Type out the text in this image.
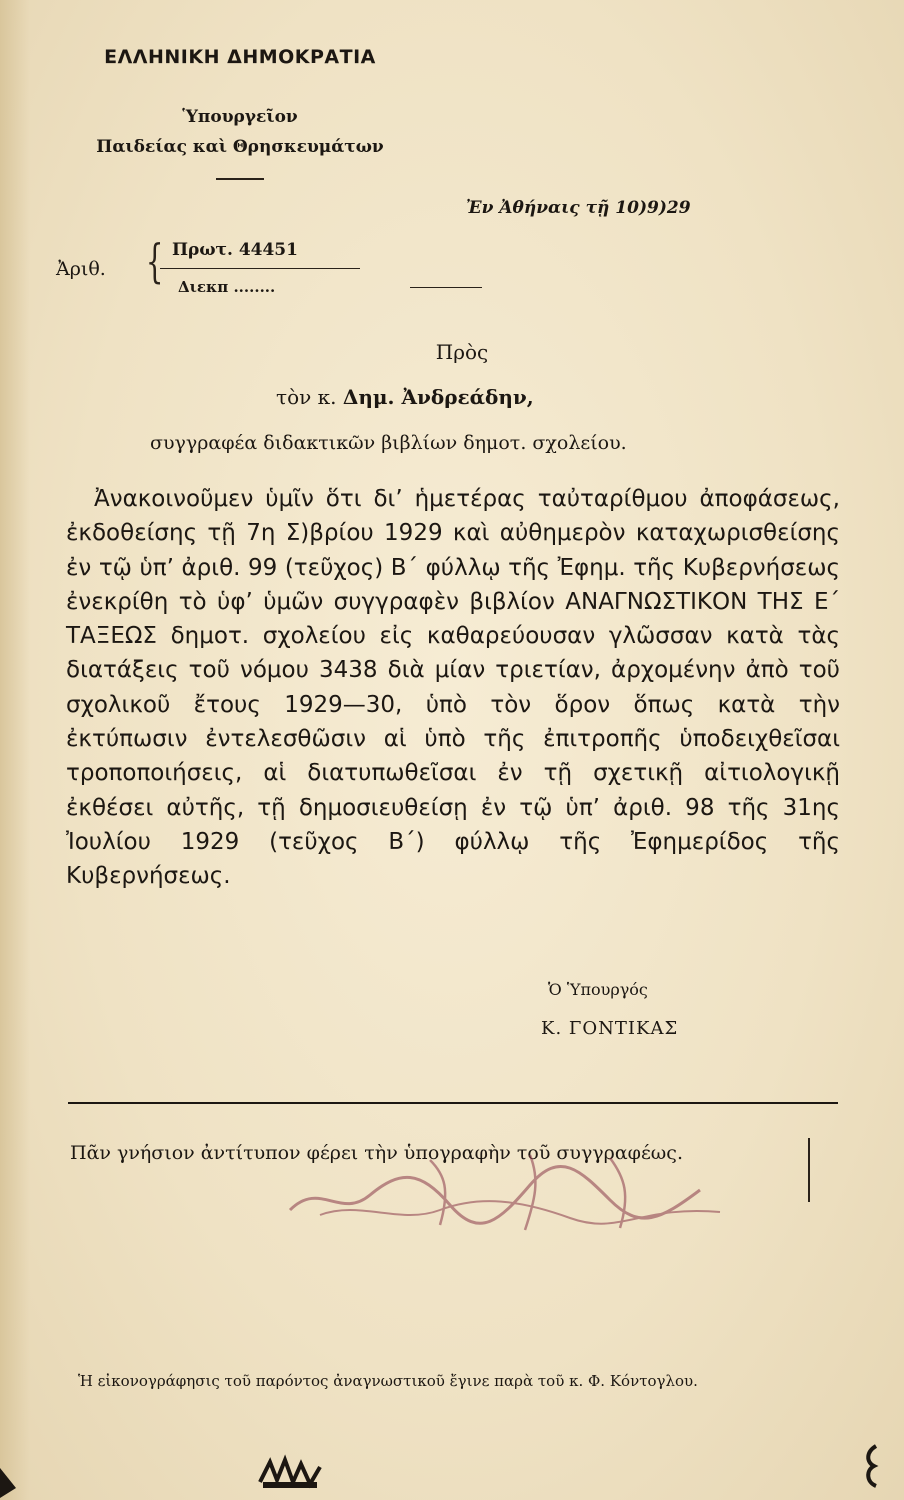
ΕΛΛΗΝΙΚΗ ΔΗΜΟΚΡΑΤΙΑ
Ὑπουργεῖον
Παιδείας καὶ Θρησκευμάτων
Ἐν Ἀθήναις τῇ 10)9)29
Ἀριθ. { Πρωτ. 44451
Διεκπ ........
Πρὸς
τὸν κ. Δημ. Ἀνδρεάδην,
συγγραφέα διδακτικῶν βιβλίων δημοτ. σχολείου.
Ἀνακοινοῦμεν ὑμῖν ὅτι δι’ ἡμετέρας ταὐταρίθμου ἀποφάσεως, ἐκδοθείσης τῇ 7η Σ)βρίου 1929 καὶ αὐθημερὸν καταχωρισθείσης ἐν τῷ ὑπ’ ἀριθ. 99 (τεῦχος) Β΄ φύλλῳ τῆς Ἐφημ. τῆς Κυβερνήσεως ἐνεκρίθη τὸ ὑφ’ ὑμῶν συγγραφὲν βιβλίον ΑΝΑΓΝΩΣΤΙΚΟΝ ΤΗΣ Ε΄ ΤΑΞΕΩΣ δημοτ. σχολείου εἰς καθαρεύουσαν γλῶσσαν κατὰ τὰς διατάξεις τοῦ νόμου 3438 διὰ μίαν τριετίαν, ἀρχομένην ἀπὸ τοῦ σχολικοῦ ἔτους 1929—30, ὑπὸ τὸν ὅρον ὅπως κατὰ τὴν ἐκτύπωσιν ἐντελεσθῶσιν αἱ ὑπὸ τῆς ἐπιτροπῆς ὑποδειχθεῖσαι τροποποιήσεις, αἱ διατυπωθεῖσαι ἐν τῇ σχετικῇ αἰτιολογικῇ ἐκθέσει αὐτῆς, τῇ δημοσιευθείσῃ ἐν τῷ ὑπ’ ἀριθ. 98 τῆς 31ης Ἰουλίου 1929 (τεῦχος Β΄) φύλλῳ τῆς Ἐφημερίδος τῆς Κυβερνήσεως.
Ὁ Ὑπουργός
Κ. ΓΟΝΤΙΚΑΣ
Πᾶν γνήσιον ἀντίτυπον φέρει τὴν ὑπογραφὴν τοῦ συγγραφέως.
Ἡ εἰκονογράφησις τοῦ παρόντος ἀναγνωστικοῦ ἔγινε παρὰ τοῦ κ. Φ. Κόντογλου.
